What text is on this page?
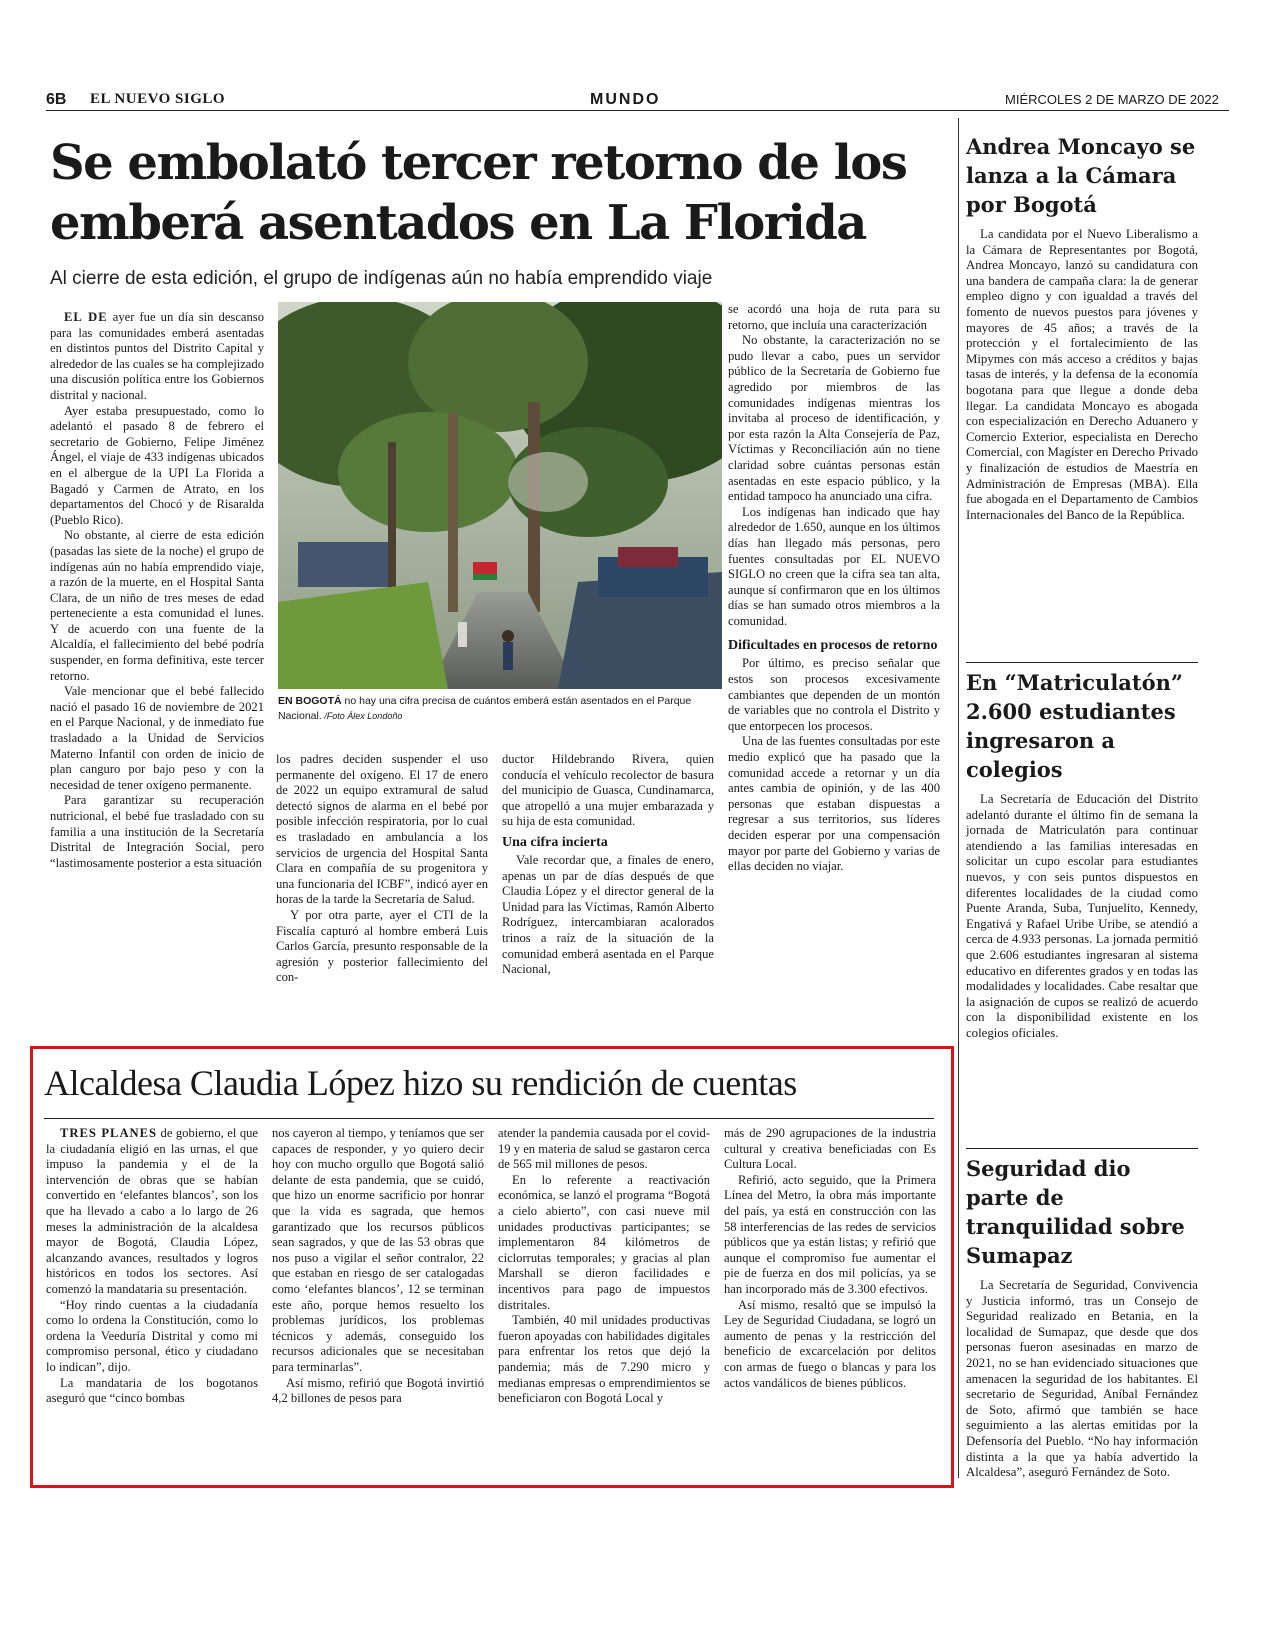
6B EL NUEVO SIGLO	MUNDO	MIÉRCOLES 2 DE MARZO DE 2022
Se embolató tercer retorno de los
emberá asentados en La Florida
Al cierre de esta edición, el grupo de indígenas aún no había emprendido viaje

EL DE ayer fue un día sin descanso para las comunidades emberá asentadas en distintos puntos del Distrito Capital y alrededor de las cuales se ha complejizado una discusión política entre los Gobiernos distrital y nacional.

Ayer estaba presupuestado, como lo adelantó el pasado 8 de febrero el secretario de Gobierno, Felipe Jiménez Ángel, el viaje de 433 indígenas ubicados en el albergue de la UPI La Florida a Bagadó y Carmen de Atrato, en los departamentos del Chocó y de Risaralda (Pueblo Rico).

No obstante, al cierre de esta edición (pasadas las siete de la noche) el grupo de indígenas aún no había emprendido viaje, a razón de la muerte, en el Hospital Santa Clara, de un niño de tres meses de edad perteneciente a esta comunidad el lunes. Y de acuerdo con una fuente de la Alcaldía, el fallecimiento del bebé podría suspender, en forma definitiva, este tercer retorno.

Vale mencionar que el bebé fallecido nació el pasado 16 de noviembre de 2021 en el Parque Nacional, y de inmediato fue trasladado a la Unidad de Servicios Materno Infantil con orden de inicio de plan canguro por bajo peso y con la necesidad de tener oxígeno permanente.

Para garantizar su recuperación nutricional, el bebé fue trasladado con su familia a una institución de la Secretaría Distrital de Integración Social, pero “lastimosamente posterior a esta situación

EN BOGOTÁ no hay una cifra precisa de cuántos emberá están asentados en el Parque Nacional. /Foto Álex Londoño

los padres deciden suspender el uso permanente del oxígeno. El 17 de enero de 2022 un equipo extramural de salud detectó signos de alarma en el bebé por posible infección respiratoria, por lo cual es trasladado en ambulancia a los servicios de urgencia del Hospital Santa Clara en compañía de su progenitora y una funcionaria del ICBF”, indicó ayer en horas de la tarde la Secretaría de Salud.

Y por otra parte, ayer el CTI de la Fiscalía capturó al hombre emberá Luis Carlos García, presunto responsable de la agresión y posterior fallecimiento del con-

ductor Hildebrando Rivera, quien conducía el vehículo recolector de basura del municipio de Guasca, Cundinamarca, que atropelló a una mujer embarazada y su hija de esta comunidad.

Una cifra incierta

Vale recordar que, a finales de enero, apenas un par de días después de que Claudia López y el director general de la Unidad para las Víctimas, Ramón Alberto Rodríguez, intercambiaran acalorados trinos a raíz de la situación de la comunidad emberá asentada en el Parque Nacional,

se acordó una hoja de ruta para su retorno, que incluía una caracterización

No obstante, la caracterización no se pudo llevar a cabo, pues un servidor público de la Secretaría de Gobierno fue agredido por miembros de las comunidades indígenas mientras los invitaba al proceso de identificación, y por esta razón la Alta Consejería de Paz, Víctimas y Reconciliación aún no tiene claridad sobre cuántas personas están asentadas en este espacio público, y la entidad tampoco ha anunciado una cifra.

Los indígenas han indicado que hay alrededor de 1.650, aunque en los últimos días han llegado más personas, pero fuentes consultadas por EL NUEVO SIGLO no creen que la cifra sea tan alta, aunque sí confirmaron que en los últimos días se han sumado otros miembros a la comunidad.

Dificultades en procesos de retorno

Por último, es preciso señalar que estos son procesos excesivamente cambiantes que dependen de un montón de variables que no controla el Distrito y que entorpecen los procesos.

Una de las fuentes consultadas por este medio explicó que ha pasado que la comunidad accede a retornar y un día antes cambia de opinión, y de las 400 personas que estaban dispuestas a regresar a sus territorios, sus líderes deciden esperar por una compensación mayor por parte del Gobierno y varias de ellas deciden no viajar.

Alcaldesa Claudia López hizo su rendición de cuentas

TRES PLANES de gobierno, el que la ciudadanía eligió en las urnas, el que impuso la pandemia y el de la intervención de obras que se habían convertido en ‘elefantes blancos’, son los que ha llevado a cabo a lo largo de 26 meses la administración de la alcaldesa mayor de Bogotá, Claudia López, alcanzando avances, resultados y logros históricos en todos los sectores. Así comenzó la mandataria su presentación.

“Hoy rindo cuentas a la ciudadanía como lo ordena la Constitución, como lo ordena la Veeduría Distrital y como mi compromiso personal, ético y ciudadano lo indican”, dijo.

La mandataria de los bogotanos aseguró que “cinco bombas

nos cayeron al tiempo, y teníamos que ser capaces de responder, y yo quiero decir hoy con mucho orgullo que Bogotá salió delante de esta pandemia, que se cuidó, que hizo un enorme sacrificio por honrar que la vida es sagrada, que hemos garantizado que los recursos públicos sean sagrados, y que de las 53 obras que nos puso a vigilar el señor contralor, 22 que estaban en riesgo de ser catalogadas como ‘elefantes blancos’, 12 se terminan este año, porque hemos resuelto los problemas jurídicos, los problemas técnicos y además, conseguido los recursos adicionales que se necesitaban para terminarlas”.

Así mismo, refirió que Bogotá invirtió 4,2 billones de pesos para

atender la pandemia causada por el covid-19 y en materia de salud se gastaron cerca de 565 mil millones de pesos.

En lo referente a reactivación económica, se lanzó el programa “Bogotá a cielo abierto”, con casi nueve mil unidades productivas participantes; se implementaron 84 kilómetros de ciclorrutas temporales; y gracias al plan Marshall se dieron facilidades e incentivos para pago de impuestos distritales.

También, 40 mil unidades productivas fueron apoyadas con habilidades digitales para enfrentar los retos que dejó la pandemia; más de 7.290 micro y medianas empresas o emprendimientos se beneficiaron con Bogotá Local y

más de 290 agrupaciones de la industria cultural y creativa beneficiadas con Es Cultura Local.

Refirió, acto seguido, que la Primera Línea del Metro, la obra más importante del país, ya está en construcción con las 58 interferencias de las redes de servicios públicos que ya están listas; y refirió que aunque el compromiso fue aumentar el pie de fuerza en dos mil policías, ya se han incorporado más de 3.300 efectivos.

Así mismo, resaltó que se impulsó la Ley de Seguridad Ciudadana, se logró un aumento de penas y la restricción del beneficio de excarcelación por delitos con armas de fuego o blancas y para los actos vandálicos de bienes públicos.

Andrea Moncayo se lanza a la Cámara por Bogotá

La candidata por el Nuevo Liberalismo a la Cámara de Representantes por Bogotá, Andrea Moncayo, lanzó su candidatura con una bandera de campaña clara: la de generar empleo digno y con igualdad a través del fomento de nuevos puestos para jóvenes y mayores de 45 años; a través de la protección y el fortalecimiento de las Mipymes con más acceso a créditos y bajas tasas de interés, y la defensa de la economía bogotana para que llegue a donde deba llegar. La candidata Moncayo es abogada con especialización en Derecho Aduanero y Comercio Exterior, especialista en Derecho Comercial, con Magíster en Derecho Privado y finalización de estudios de Maestría en Administración de Empresas (MBA). Ella fue abogada en el Departamento de Cambios Internacionales del Banco de la República.

En “Matriculatón” 2.600 estudiantes ingresaron a colegios

La Secretaría de Educación del Distrito adelantó durante el último fin de semana la jornada de Matriculatón para continuar atendiendo a las familias interesadas en solicitar un cupo escolar para estudiantes nuevos, y con seis puntos dispuestos en diferentes localidades de la ciudad como Puente Aranda, Suba, Tunjuelito, Kennedy, Engativá y Rafael Uribe Uribe, se atendió a cerca de 4.933 personas. La jornada permitió que 2.606 estudiantes ingresaran al sistema educativo en diferentes grados y en todas las modalidades y localidades. Cabe resaltar que la asignación de cupos se realizó de acuerdo con la disponibilidad existente en los colegios oficiales.

Seguridad dio parte de tranquilidad sobre Sumapaz

La Secretaría de Seguridad, Convivencia y Justicia informó, tras un Consejo de Seguridad realizado en Betania, en la localidad de Sumapaz, que desde que dos personas fueron asesinadas en marzo de 2021, no se han evidenciado situaciones que amenacen la seguridad de los habitantes. El secretario de Seguridad, Aníbal Fernández de Soto, afirmó que también se hace seguimiento a las alertas emitidas por la Defensoría del Pueblo. “No hay información distinta a la que ya había advertido la Alcaldesa”, aseguró Fernández de Soto.
